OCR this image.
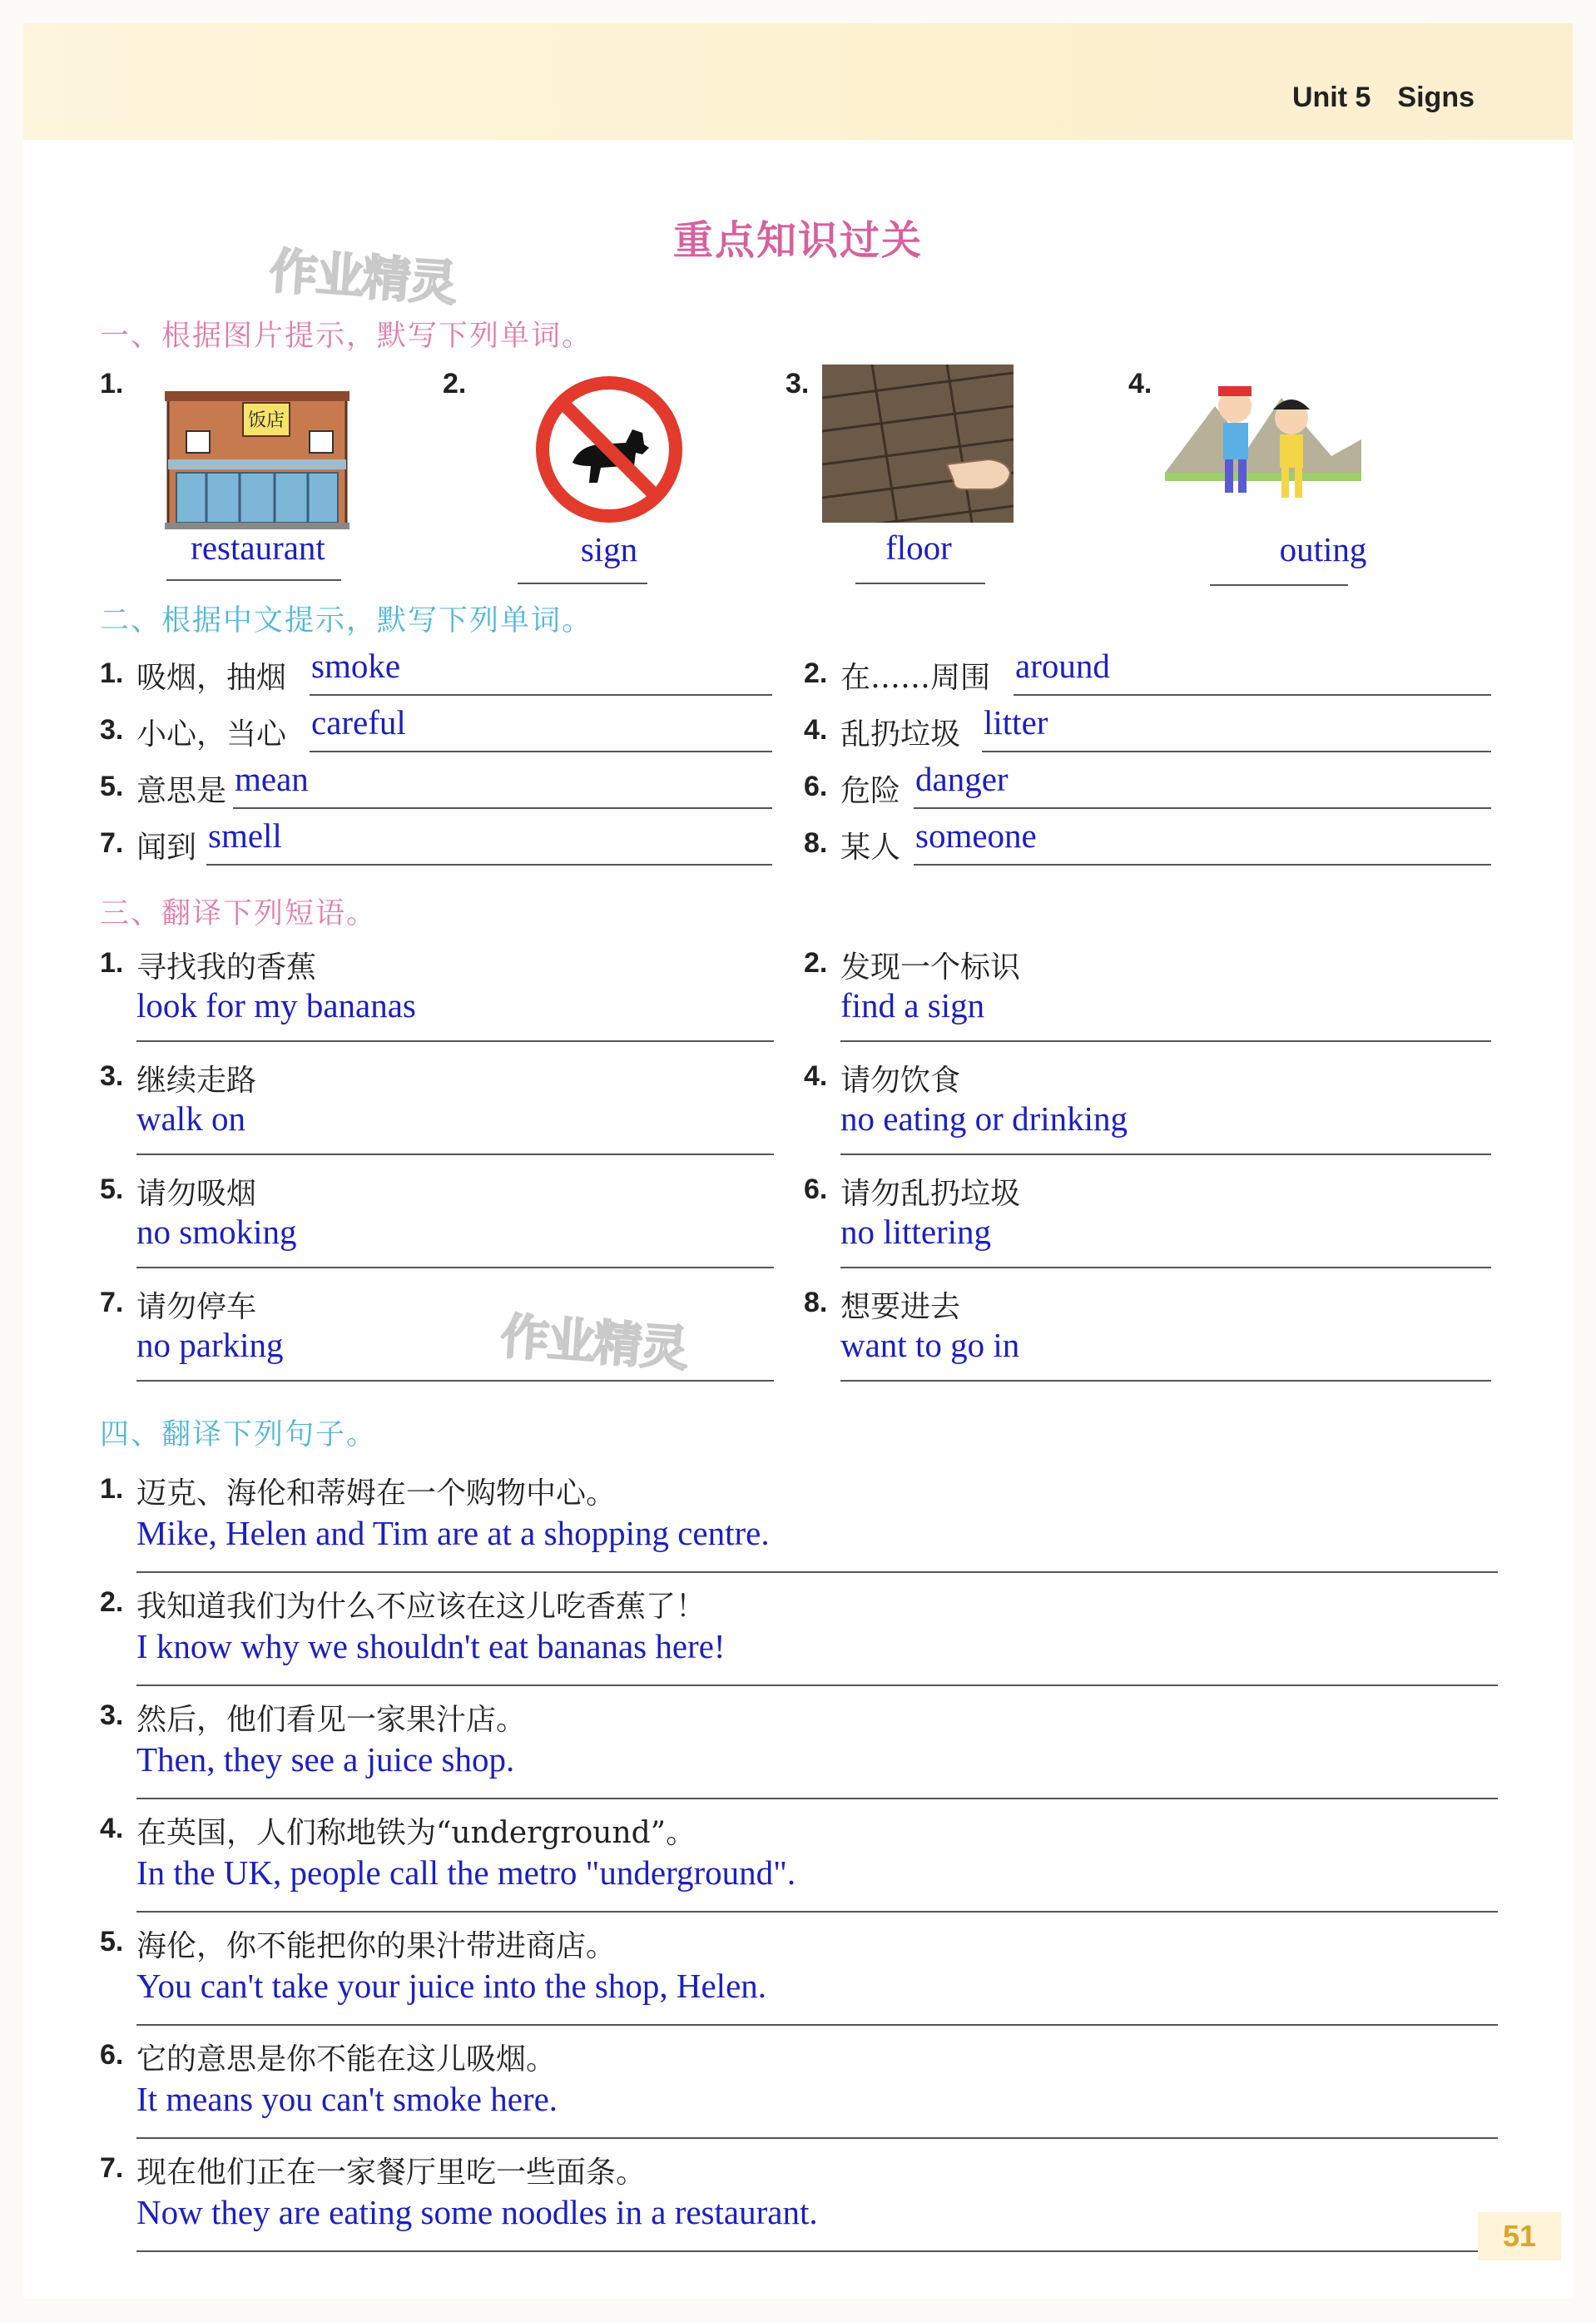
Unit 5 Signs
重点知识过关
作业精灵
一、根据图片提示，默写下列单词。
1.
饭店
restaurant
2.
sign
3.
floor
4.
outing
二、根据中文提示，默写下列单词。
1. 吸烟，抽烟 smoke	2. 在……周围 around
3. 小心，当心 careful	4. 乱扔垃圾 litter
5. 意思是 mean	6. 危险 danger
7. 闻到 smell	8. 某人 someone
三、翻译下列短语。
1. 寻找我的香蕉
look for my bananas
2. 发现一个标识
find a sign
3. 继续走路
walk on
4. 请勿饮食
no eating or drinking
5. 请勿吸烟
no smoking
6. 请勿乱扔垃圾
no littering
7. 请勿停车
no parking
8. 想要进去
want to go in
作业精灵
四、翻译下列句子。
1. 迈克、海伦和蒂姆在一个购物中心。
Mike, Helen and Tim are at a shopping centre.
2. 我知道我们为什么不应该在这儿吃香蕉了！
I know why we shouldn't eat bananas here!
3. 然后，他们看见一家果汁店。
Then, they see a juice shop.
4. 在英国，人们称地铁为“underground”。
In the UK, people call the metro "underground".
5. 海伦，你不能把你的果汁带进商店。
You can't take your juice into the shop, Helen.
6. 它的意思是你不能在这儿吸烟。
It means you can't smoke here.
7. 现在他们正在一家餐厅里吃一些面条。
Now they are eating some noodles in a restaurant.
51
